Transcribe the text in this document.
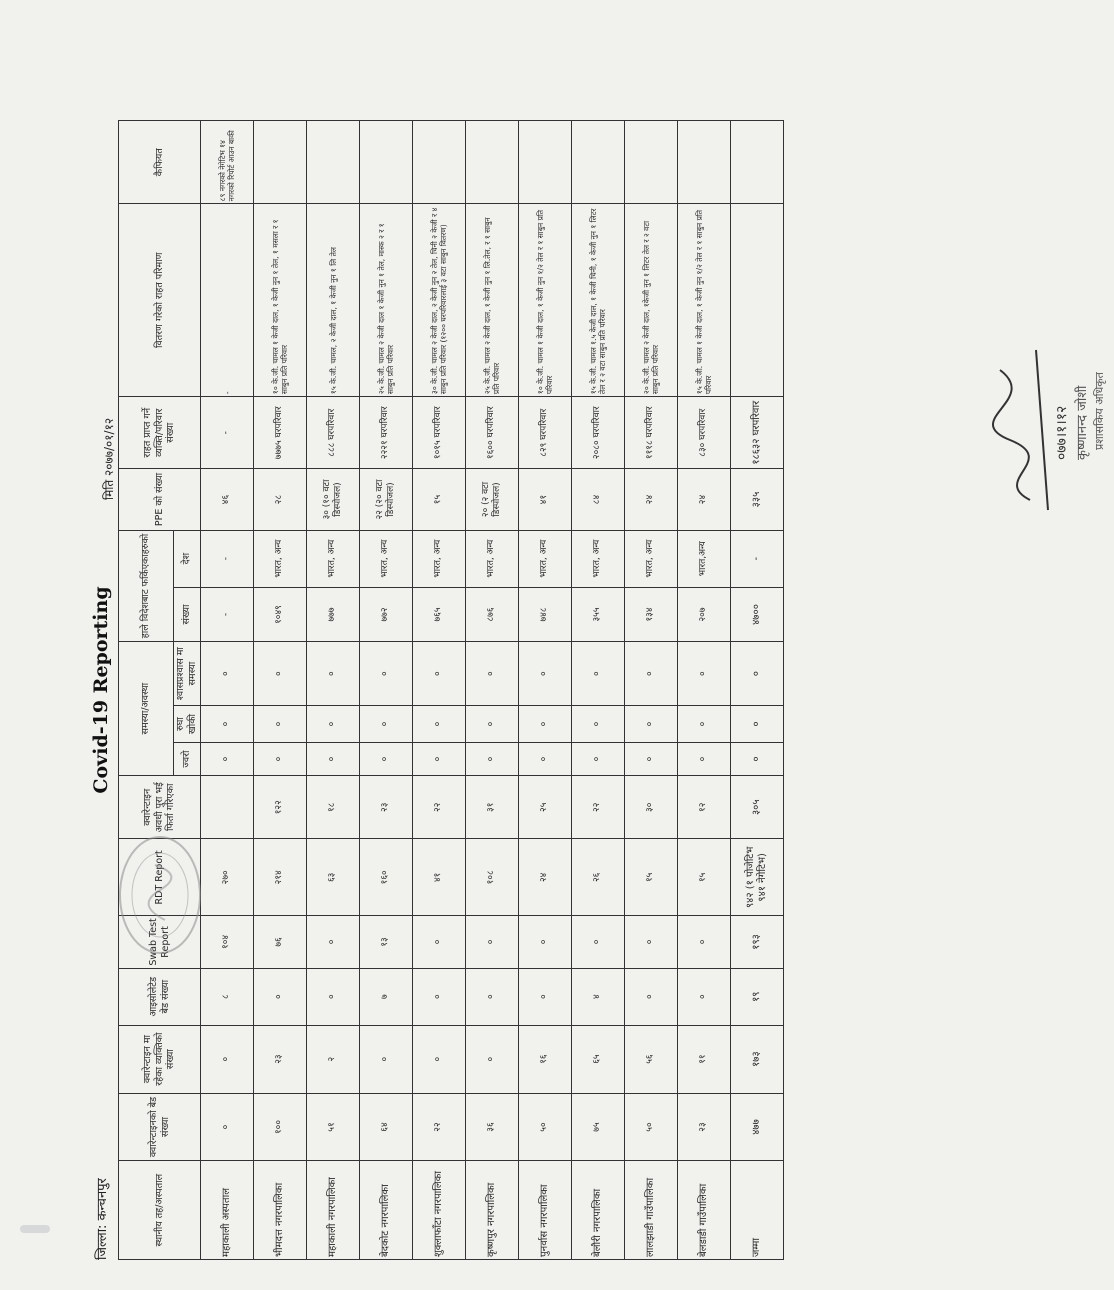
जिल्ला: कन्चनपुर
Covid-19 Reporting
मिति २०७७/०१/१२
स्थानीय तह/अस्पताल	क्वारेन्टाइनको बेड संख्या	क्वारेन्टाइन मा रहेका व्यक्तिको संख्या	आइसोलेटेड बेड संख्या	Swab Test Report	RDT Report	क्वारेन्टाइन अवधी पुरा भई फिर्ता गरिएका	समस्या/अवस्था			हाले विदेशबाट फर्किएकाहरुको		PPE को संख्या	राहत प्राप्त गर्ने व्यक्ति/परिवार संख्या	वितरण गरेको राहत परिमाण	कैफियत
							ज्वरो	रुघा खोकी	श्वासप्रश्वास मा समस्या	संख्या	देश				
महाकाली अस्पताल	०	०	८	१०४	२७०		०	०	०	-	-	४६	-	-	८९ नगरको नेगेटिभ १४ नगरको रिपोर्ट आउन बाकी
भीमदत्त नगरपालिका	१००	२३	०	७६	२१४	१२२	०	०	०	१०४९	भारत, अन्य	२८	७७७५ घरपरिवार	१० के.जी. चामल १ केजी दाल, १ केजी नुन १ तेल, १ मसला र १ साबुन प्रति परिवार	
महाकाली नगरपालिका	५१	२	०	०	६३	१८	०	०	०	७७७	भारत, अन्य	३० (१० वटा डिस्पोजल)	८८८ घरपरिवार	१५ के.जी. चामल, २ केजी दाल, १ केजी नुन १ लि तेल	
बेदकोट नगरपालिका	६४	०	७	१३	१६०	२३	०	०	०	७७२	भारत, अन्य	२२ (२० वटा डिस्पोजल)	२२२१ घरपरिवार	२५ के.जी. चामल २ केजी दाल १ केजी नुन १ तेल, मास्क २ र १ साबुन प्रति परिवार	
शुक्लाफाँटा नगरपालिका	२२	०	०	०	४१	२२	०	०	०	७६५	भारत, अन्य	१५	१०१५ घरपरिवार	३० के.जी. चामल २ केजी दाल, २ केजी नुन २ तेल, चिनी २ केजी र ४ साबुन प्रति परिवार (१२०० घरपरिवारलाई ३ वटा साबुन वितरण)	
कृष्णपुर नगरपालिका	३६	०	०	०	१०८	३१	०	०	०	८७६	भारत, अन्य	२० (२ वटा डिस्पोजल)	१६०० घरपरिवार	२५ के.जी. चामल २ केजी दाल, १ केजी नुन १ लि.तेल, र १ साबुन प्रति परिवार	
पुनर्वास नगरपालिका	५०	१६	०	०	२४	२५	०	०	०	७४८	भारत, अन्य	४१	८२९ घरपरिवार	१० के.जी. चामल १ केजी दाल, १ केजी नुन १/२ तेल र १ साबुन प्रति परिवार	
बेलौरी नगरपालिका	७५	६५	४	०	२६	२२	०	०	०	३५५	भारत, अन्य	८४	२०८० घरपरिवार	१५ के.जी. चामल १.५ केजी दाल, १ केजी चिनी, १ केजी नुन १ लिटर तेल र २ वटा साबुन प्रति परिवार	
लालझाडी गाउँपालिका	५०	५६	०	०	१५	३०	०	०	०	१३४	भारत, अन्य	२४	१११८ घरपरिवार	२० के.जी. चामल २ केजी दाल, १केजी नुन १ लिटर तेल र २ वटा साबुन प्रति परिवार	
बेलडाडी गाउँपालिका	२३	११	०	०	१५	१२	०	०	०	२०७	भारत,अन्य	२४	८३० घरपरिवार	१५ के.जी. चामल १ केजी दाल, १ केजी नुन १/२ तेल र १ साबुन प्रति परिवार	
जम्मा	४७७	१७३	१९	१९३	९४२ (१ पोजेटिभ ९४१ नेगेटिभ)	३०५	०	०	०	४७००	-	३३५	१८६३२ घरपरिवार			०७७।१।१२ कृष्णानन्द जोशी प्रशासकिय अधिकृत
